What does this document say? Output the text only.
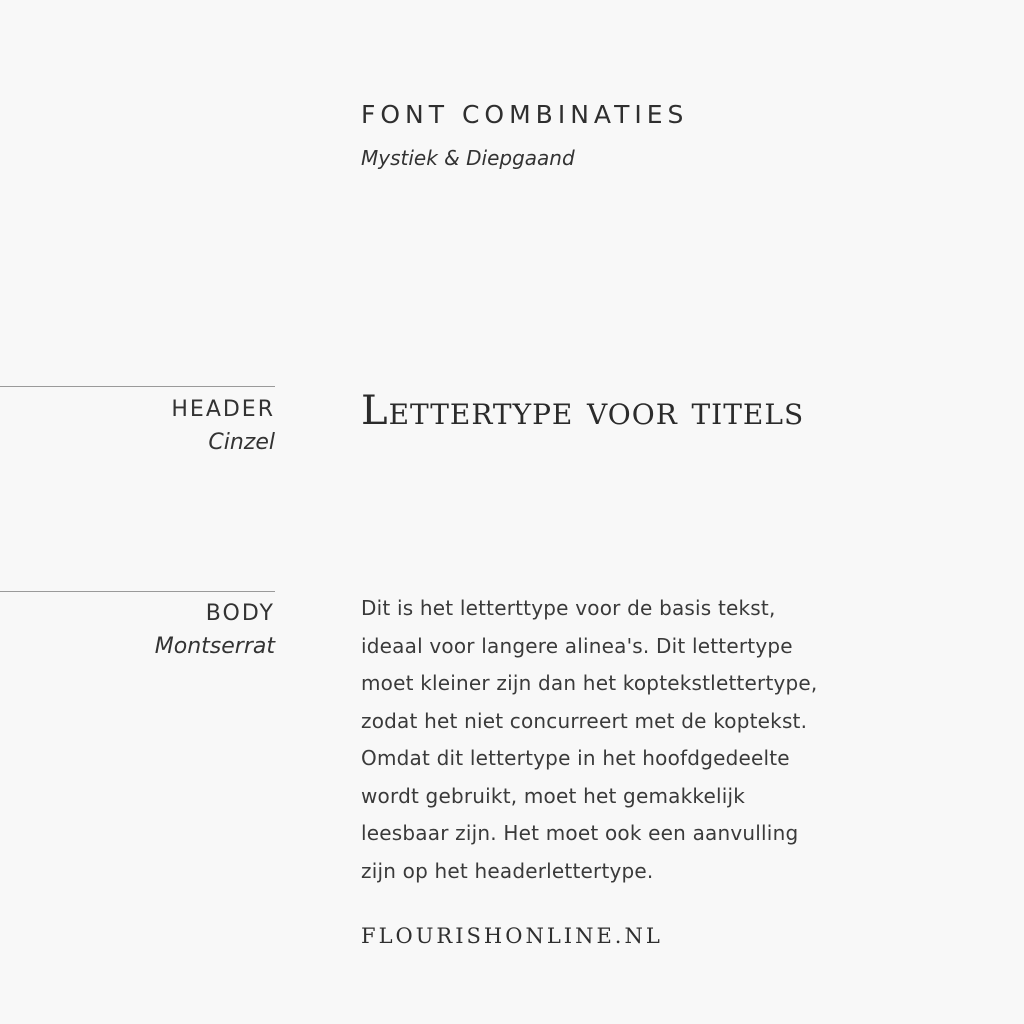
FONT COMBINATIES
Mystiek & Diepgaand
HEADER
Cinzel
Lettertype voor titels
BODY
Montserrat
Dit is het letterttype voor de basis tekst,
ideaal voor langere alinea's. Dit lettertype
moet kleiner zijn dan het koptekstlettertype,
zodat het niet concurreert met de koptekst.
Omdat dit lettertype in het hoofdgedeelte
wordt gebruikt, moet het gemakkelijk
leesbaar zijn. Het moet ook een aanvulling
zijn op het headerlettertype.
FLOURISHONLINE.NL
